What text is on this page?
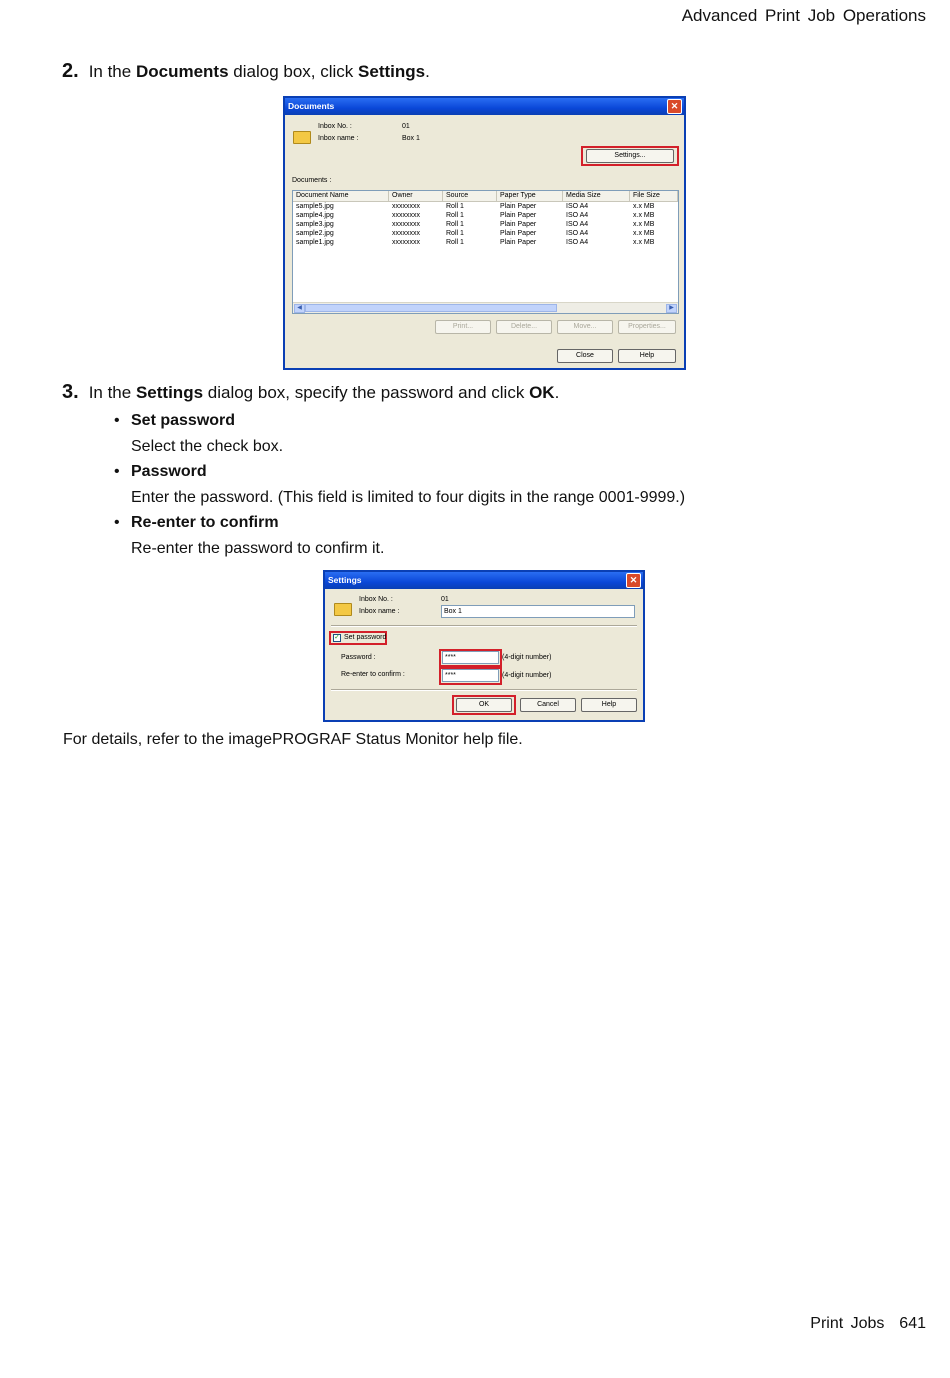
Advanced Print Job Operations
Print Jobs 641
2. In the Documents dialog box, click Settings.
Documents	✕
Inbox No. :	01
Inbox name :	Box 1
Settings...
Documents :
Document Name	Owner	Source	Paper Type	Media Size	File Size
sample5.jpg	xxxxxxxx	Roll 1	Plain Paper	ISO A4	x.x MB
sample4.jpg	xxxxxxxx	Roll 1	Plain Paper	ISO A4	x.x MB
sample3.jpg	xxxxxxxx	Roll 1	Plain Paper	ISO A4	x.x MB
sample2.jpg	xxxxxxxx	Roll 1	Plain Paper	ISO A4	x.x MB
sample1.jpg	xxxxxxxx	Roll 1	Plain Paper	ISO A4	x.x MB
◀	▶
Print...	Delete...	Move...	Properties...
Close	Help
3. In the Settings dialog box, specify the password and click OK.
• Set password
Select the check box.
• Password
Enter the password. (This field is limited to four digits in the range 0001-9999.)
• Re-enter to confirm
Re-enter the password to confirm it.
Settings	✕
Inbox No. :	01
Inbox name :	Box 1
✓ Set password
Password :	****	(4-digit number)
Re-enter to confirm :	****	(4-digit number)
OK	Cancel	Help
For details, refer to the imagePROGRAF Status Monitor help file.
